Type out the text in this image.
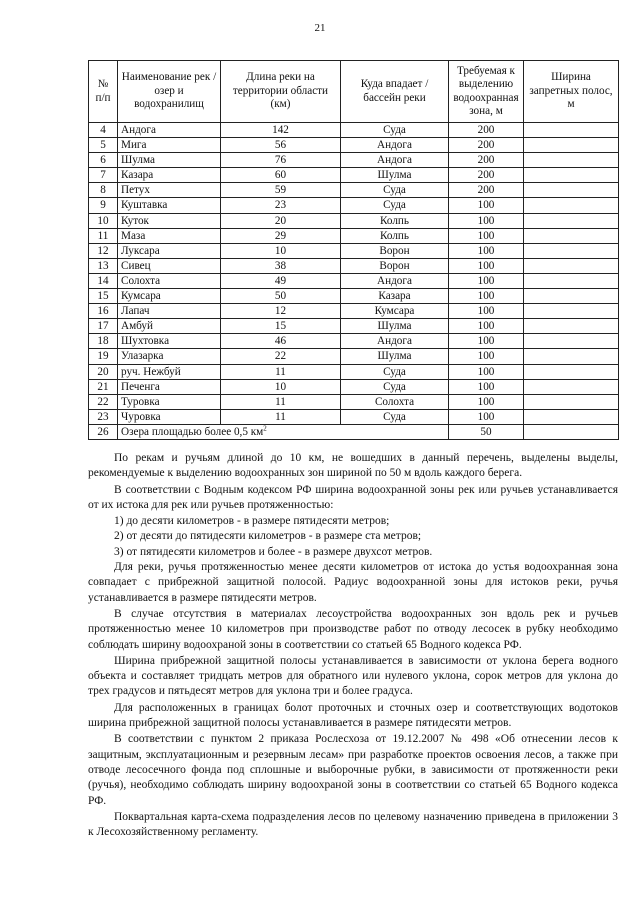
21
№ п/п	Наименование рек / озер и водохранилищ	Длина реки на территории области (км)	Куда впадает / бассейн реки	Требуемая к выделению водоохранная зона, м	Ширина запретных полос, м
4	Андога	142	Суда	200	
5	Мига	56	Андога	200	
6	Шулма	76	Андога	200	
7	Казара	60	Шулма	200	
8	Петух	59	Суда	200	
9	Куштавка	23	Суда	100	
10	Куток	20	Колпь	100	
11	Маза	29	Колпь	100	
12	Луксара	10	Ворон	100	
13	Сивец	38	Ворон	100	
14	Солохта	49	Андога	100	
15	Кумсара	50	Казара	100	
16	Лапач	12	Кумсара	100	
17	Амбуй	15	Шулма	100	
18	Шухтовка	46	Андога	100	
19	Улазарка	22	Шулма	100	
20	руч. Нежбуй	11	Суда	100	
21	Печенга	10	Суда	100	
22	Туровка	11	Солохта	100	
23	Чуровка	11	Суда	100	
26	Озера площадью более 0,5 $км^2$			50	

По рекам и ручьям длиной до 10 км, не вошедших в данный перечень, выделены выделы, рекомендуемые к выделению водоохранных зон шириной по 50 м вдоль каждого берега.

В соответствии с Водным кодексом РФ ширина водоохранной зоны рек или ручьев устанавливается от их истока для рек или ручьев протяженностью:

1) до десяти километров - в размере пятидесяти метров;

2) от десяти до пятидесяти километров - в размере ста метров;

3) от пятидесяти километров и более - в размере двухсот метров.

Для реки, ручья протяженностью менее десяти километров от истока до устья водоохранная зона совпадает с прибрежной защитной полосой. Радиус водоохранной зоны для истоков реки, ручья устанавливается в размере пятидесяти метров.

В случае отсутствия в материалах лесоустройства водоохранных зон вдоль рек и ручьев протяженностью менее 10 километров при производстве работ по отводу лесосек в рубку необходимо соблюдать ширину водоохраной зоны в соответствии со статьей 65 Водного кодекса РФ.

Ширина прибрежной защитной полосы устанавливается в зависимости от уклона берега водного объекта и составляет тридцать метров для обратного или нулевого уклона, сорок метров для уклона до трех градусов и пятьдесят метров для уклона три и более градуса.

Для расположенных в границах болот проточных и сточных озер и соответствующих водотоков ширина прибрежной защитной полосы устанавливается в размере пятидесяти метров.

В соответствии с пунктом 2 приказа Рослесхоза от 19.12.2007 № 498 «Об отнесении лесов к защитным, эксплуатационным и резервным лесам» при разработке проектов освоения лесов, а также при отводе лесосечного фонда под сплошные и выборочные рубки, в зависимости от протяженности реки (ручья), необходимо соблюдать ширину водоохраной зоны в соответствии со статьей 65 Водного кодекса РФ.

Поквартальная карта-схема подразделения лесов по целевому назначению приведена в приложении 3 к Лесохозяйственному регламенту.
